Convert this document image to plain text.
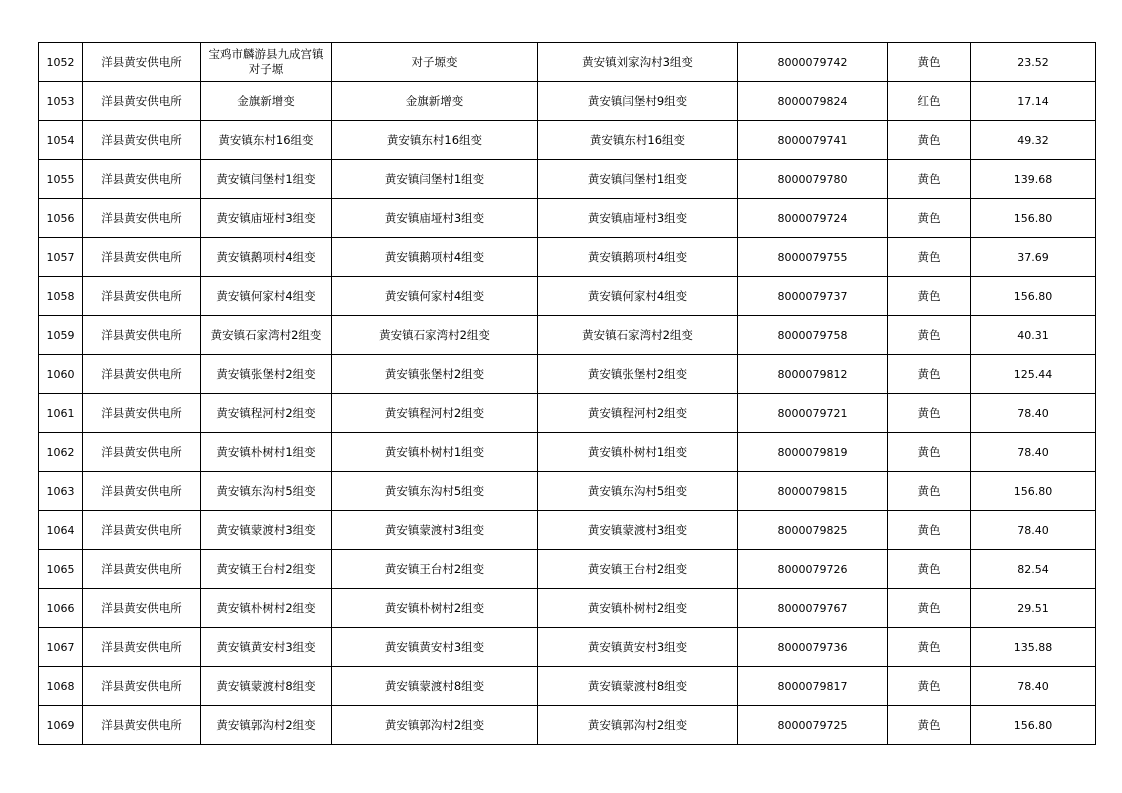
1052	洋县黄安供电所	宝鸡市麟游县九成宫镇对子塬	对子塬变	黄安镇刘家沟村3组变	8000079742	黄色	23.52
1053	洋县黄安供电所	金旗新增变	金旗新增变	黄安镇闫堡村9组变	8000079824	红色	17.14
1054	洋县黄安供电所	黄安镇东村16组变	黄安镇东村16组变	黄安镇东村16组变	8000079741	黄色	49.32
1055	洋县黄安供电所	黄安镇闫堡村1组变	黄安镇闫堡村1组变	黄安镇闫堡村1组变	8000079780	黄色	139.68
1056	洋县黄安供电所	黄安镇庙垭村3组变	黄安镇庙垭村3组变	黄安镇庙垭村3组变	8000079724	黄色	156.80
1057	洋县黄安供电所	黄安镇鹅项村4组变	黄安镇鹅项村4组变	黄安镇鹅项村4组变	8000079755	黄色	37.69
1058	洋县黄安供电所	黄安镇何家村4组变	黄安镇何家村4组变	黄安镇何家村4组变	8000079737	黄色	156.80
1059	洋县黄安供电所	黄安镇石家湾村2组变	黄安镇石家湾村2组变	黄安镇石家湾村2组变	8000079758	黄色	40.31
1060	洋县黄安供电所	黄安镇张堡村2组变	黄安镇张堡村2组变	黄安镇张堡村2组变	8000079812	黄色	125.44
1061	洋县黄安供电所	黄安镇程河村2组变	黄安镇程河村2组变	黄安镇程河村2组变	8000079721	黄色	78.40
1062	洋县黄安供电所	黄安镇朴树村1组变	黄安镇朴树村1组变	黄安镇朴树村1组变	8000079819	黄色	78.40
1063	洋县黄安供电所	黄安镇东沟村5组变	黄安镇东沟村5组变	黄安镇东沟村5组变	8000079815	黄色	156.80
1064	洋县黄安供电所	黄安镇蒙渡村3组变	黄安镇蒙渡村3组变	黄安镇蒙渡村3组变	8000079825	黄色	78.40
1065	洋县黄安供电所	黄安镇王台村2组变	黄安镇王台村2组变	黄安镇王台村2组变	8000079726	黄色	82.54
1066	洋县黄安供电所	黄安镇朴树村2组变	黄安镇朴树村2组变	黄安镇朴树村2组变	8000079767	黄色	29.51
1067	洋县黄安供电所	黄安镇黄安村3组变	黄安镇黄安村3组变	黄安镇黄安村3组变	8000079736	黄色	135.88
1068	洋县黄安供电所	黄安镇蒙渡村8组变	黄安镇蒙渡村8组变	黄安镇蒙渡村8组变	8000079817	黄色	78.40
1069	洋县黄安供电所	黄安镇郭沟村2组变	黄安镇郭沟村2组变	黄安镇郭沟村2组变	8000079725	黄色	156.80
